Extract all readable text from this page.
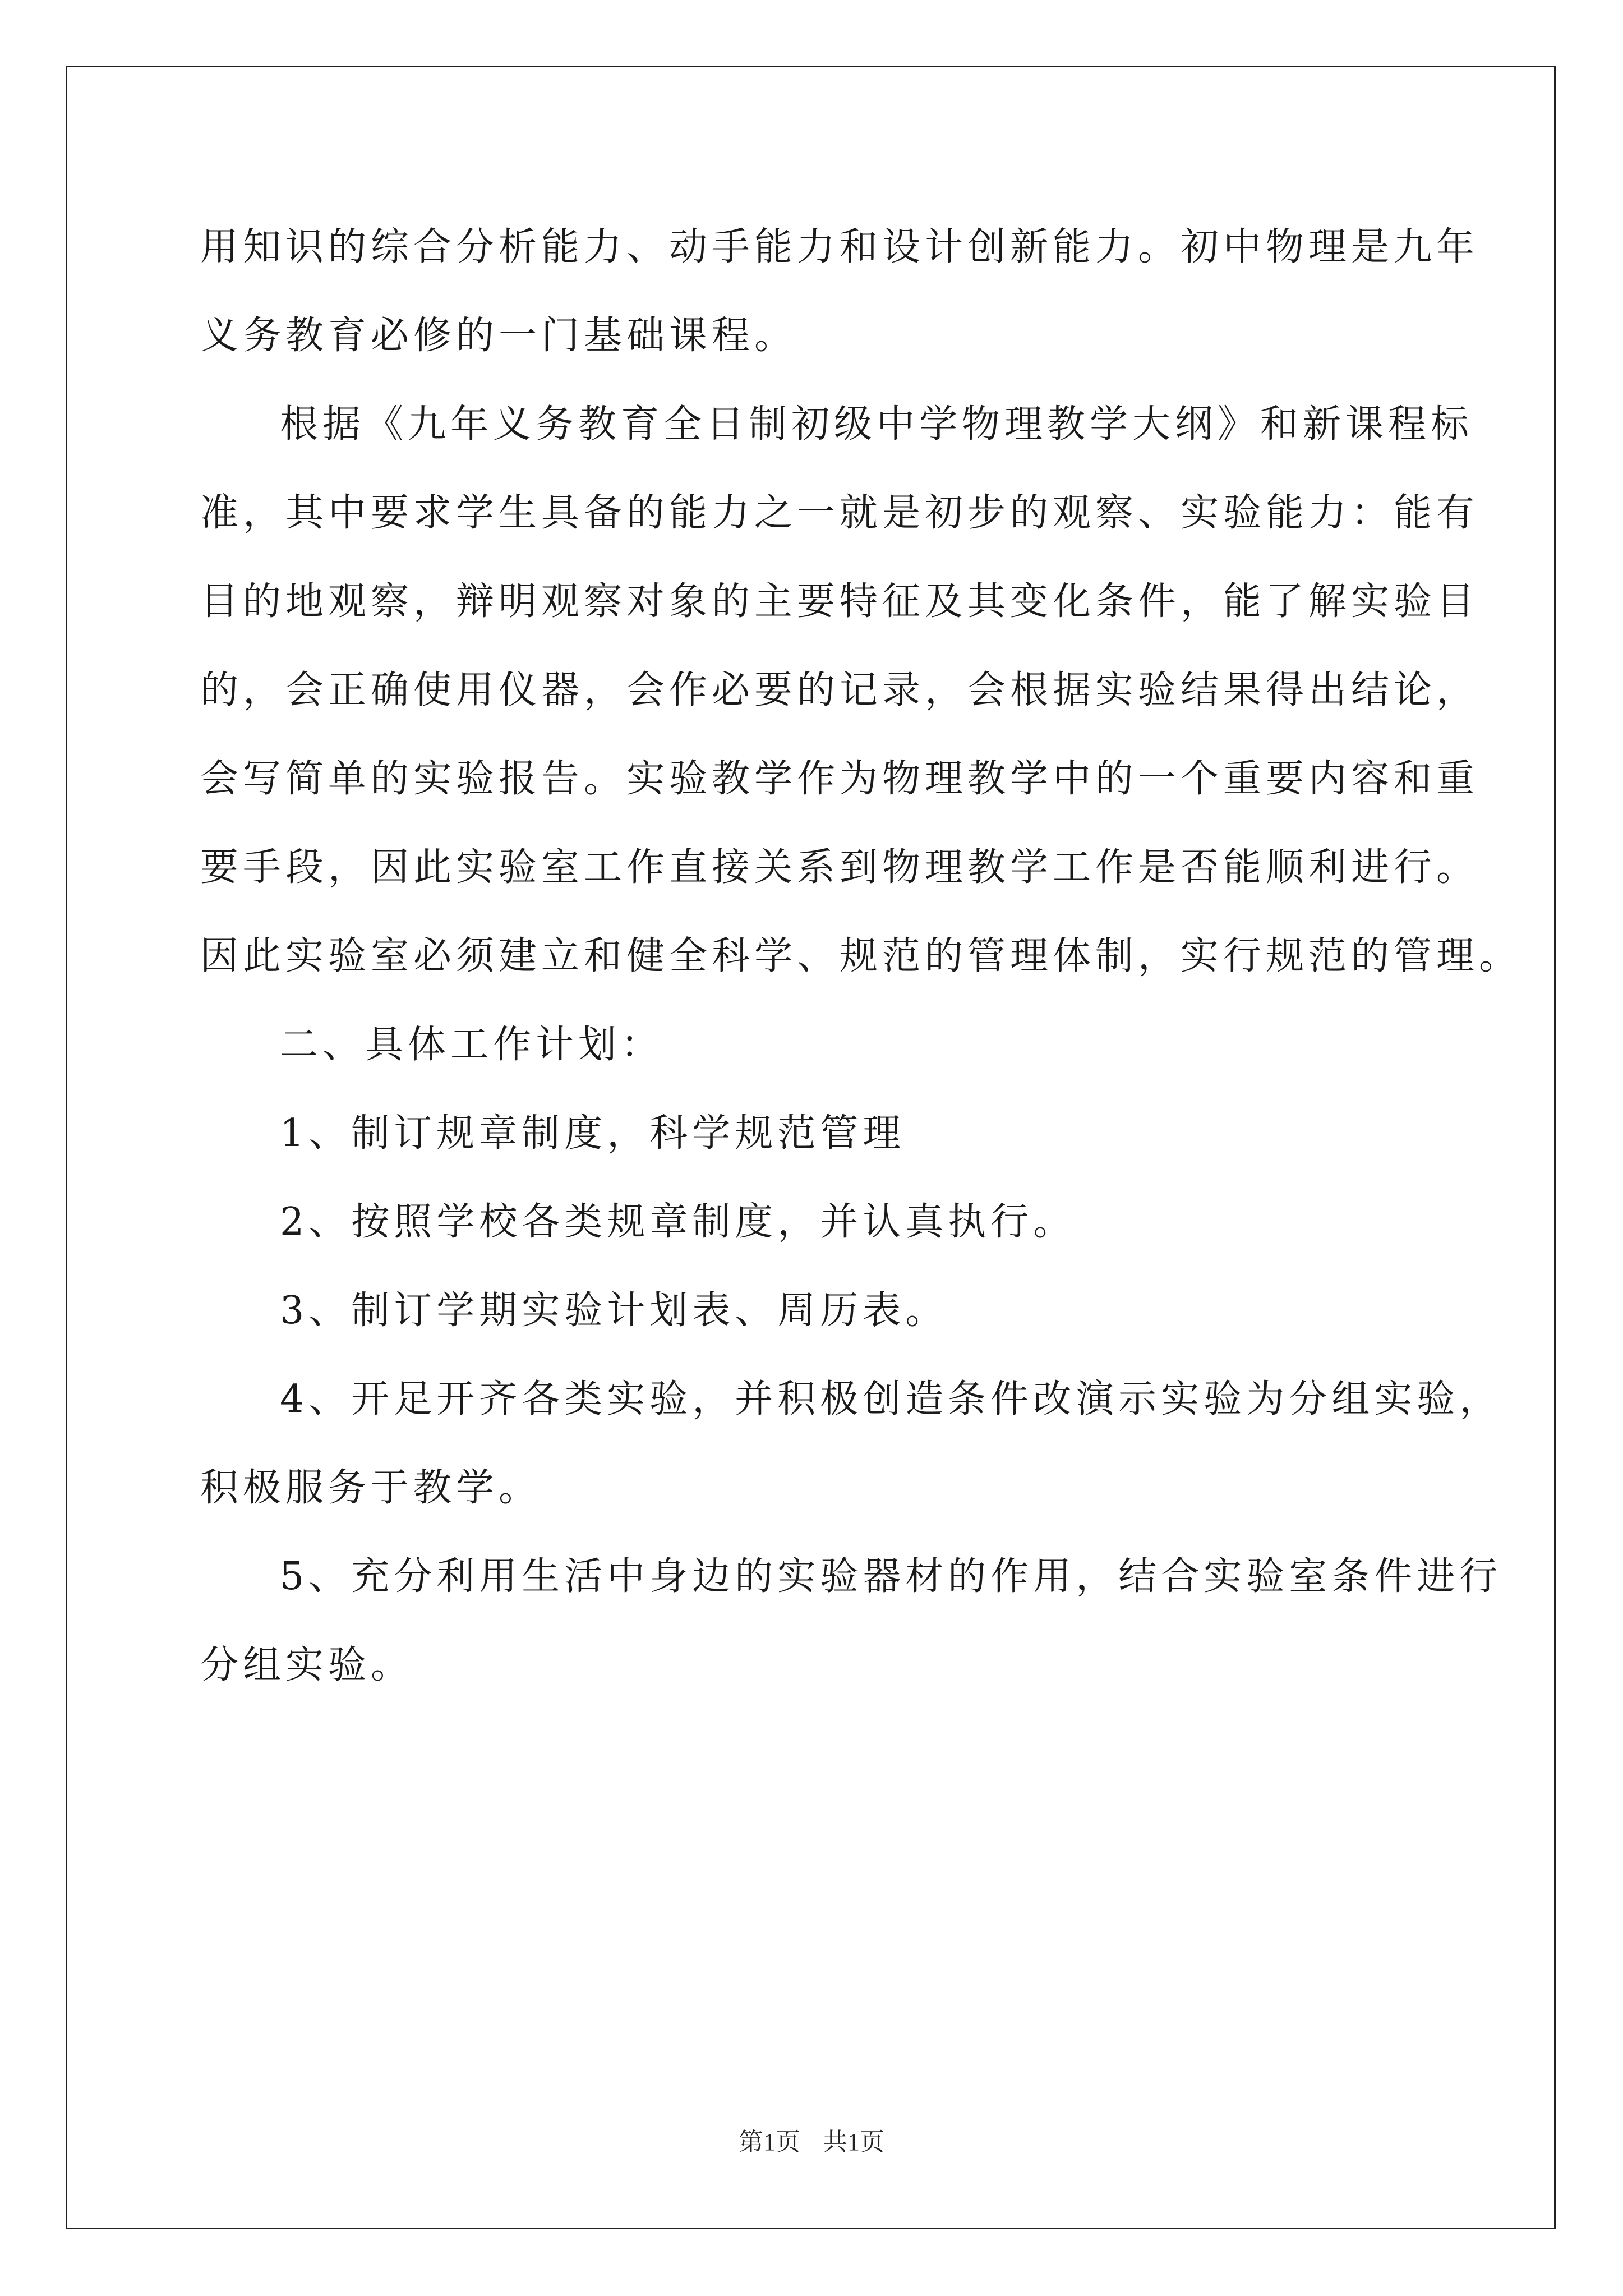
用知识的综合分析能力、动手能力和设计创新能力。初中物理是九年
义务教育必修的一门基础课程。
根据《九年义务教育全日制初级中学物理教学大纲》和新课程标
准，其中要求学生具备的能力之一就是初步的观察、实验能力：能有
目的地观察，辩明观察对象的主要特征及其变化条件，能了解实验目
的，会正确使用仪器，会作必要的记录，会根据实验结果得出结论，
会写简单的实验报告。实验教学作为物理教学中的一个重要内容和重
要手段，因此实验室工作直接关系到物理教学工作是否能顺利进行。
因此实验室必须建立和健全科学、规范的管理体制，实行规范的管理。
二、具体工作计划：
1、制订规章制度，科学规范管理
2、按照学校各类规章制度，并认真执行。
3、制订学期实验计划表、周历表。
4、开足开齐各类实验，并积极创造条件改演示实验为分组实验，
积极服务于教学。
5、充分利用生活中身边的实验器材的作用，结合实验室条件进行
分组实验。
第1页 共1页
